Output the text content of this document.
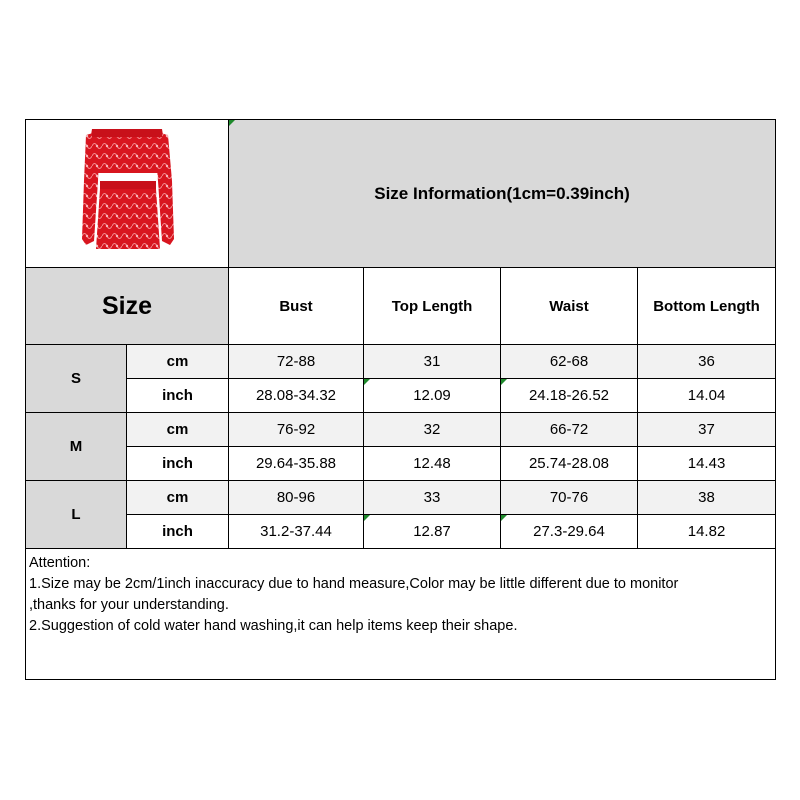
Size Information(1cm=0.39inch)			
Size		Bust	Top Length	Waist	Bottom Length
S	cm	72-88	31	62-68	36
	inch	28.08-34.32	12.09	24.18-26.52	14.04

M	cm	76-92	32	66-72	37
	inch	29.64-35.88	12.48	25.74-28.08	14.43
L	cm	80-96	33	70-76	38
	inch	31.2-37.44	12.87	27.3-29.64	14.82

Attention:
1.Size may be 2cm/1inch inaccuracy due to hand measure,Color may be little different due to monitor
,thanks for your understanding.
2.Suggestion of cold water hand washing,it can help items keep their shape.					
